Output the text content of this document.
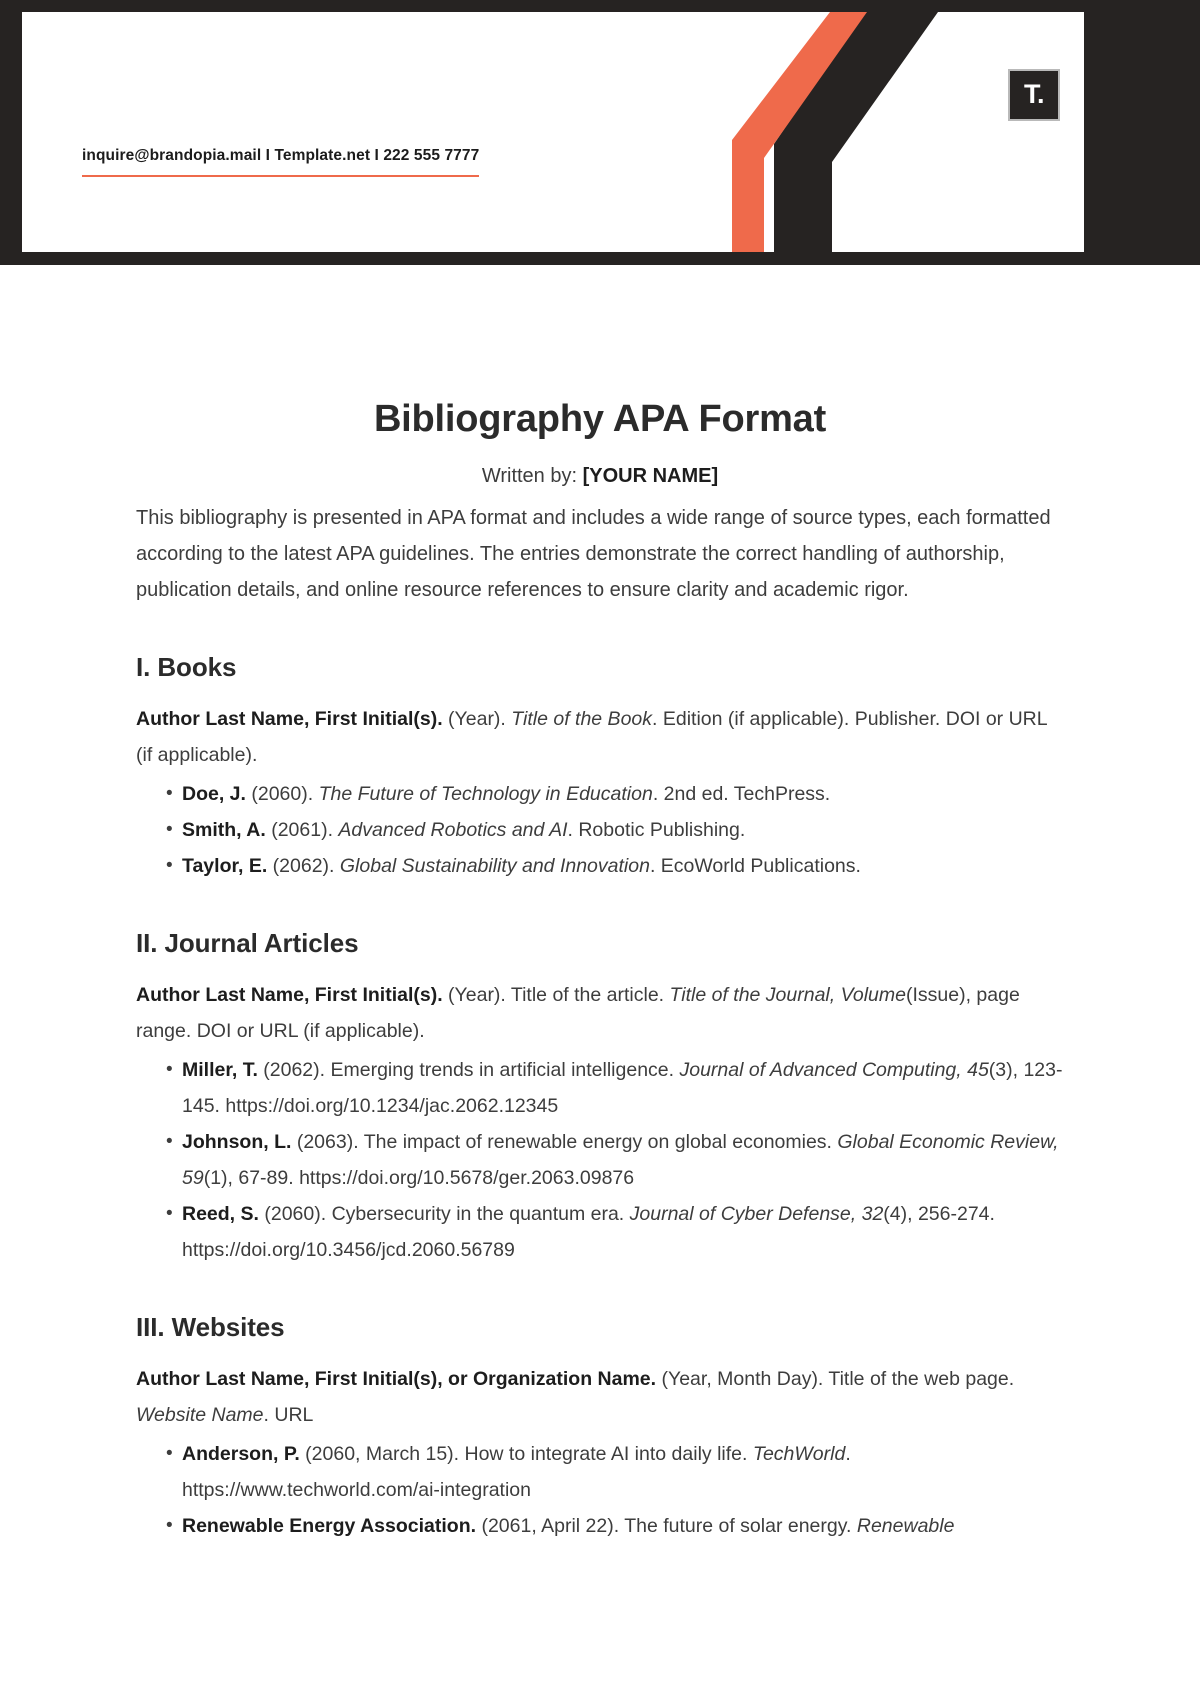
T.
inquire@brandopia.mail I Template.net I 222 555 7777
Bibliography APA Format

Written by: [YOUR NAME]

This bibliography is presented in APA format and includes a wide range of source types, each formatted according to the latest APA guidelines. The entries demonstrate the correct handling of authorship, publication details, and online resource references to ensure clarity and academic rigor.

I. Books

Author Last Name, First Initial(s). (Year). Title of the Book. Edition (if applicable). Publisher. DOI or URL (if applicable).

• Doe, J. (2060). The Future of Technology in Education. 2nd ed. TechPress.
• Smith, A. (2061). Advanced Robotics and AI. Robotic Publishing.
• Taylor, E. (2062). Global Sustainability and Innovation. EcoWorld Publications.
II. Journal Articles

Author Last Name, First Initial(s). (Year). Title of the article. Title of the Journal, Volume(Issue), page range. DOI or URL (if applicable).

• Miller, T. (2062). Emerging trends in artificial intelligence. Journal of Advanced Computing, 45(3), 123-145. https://doi.org/10.1234/jac.2062.12345
• Johnson, L. (2063). The impact of renewable energy on global economies. Global Economic Review, 59(1), 67-89. https://doi.org/10.5678/ger.2063.09876
• Reed, S. (2060). Cybersecurity in the quantum era. Journal of Cyber Defense, 32(4), 256-274. https://doi.org/10.3456/jcd.2060.56789
III. Websites

Author Last Name, First Initial(s), or Organization Name. (Year, Month Day). Title of the web page. Website Name. URL

• Anderson, P. (2060, March 15). How to integrate AI into daily life. TechWorld. https://www.techworld.com/ai-integration
• Renewable Energy Association. (2061, April 22). The future of solar energy. Renewable
